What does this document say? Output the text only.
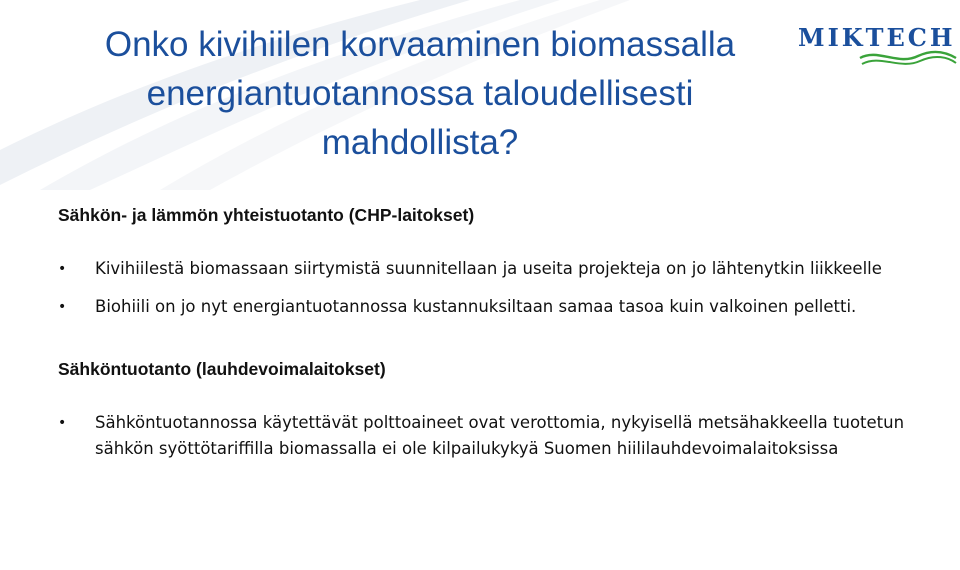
Onko kivihiilen korvaaminen biomassalla
energiantuotannossa taloudellisesti
mahdollista?
MIKTECH
Sähkön- ja lämmön yhteistuotanto (CHP-laitokset)
• Kivihiilestä biomassaan siirtymistä suunnitellaan ja useita projekteja on jo lähtenytkin liikkeelle
• Biohiili on jo nyt energiantuotannossa kustannuksiltaan samaa tasoa kuin valkoinen pelletti.
Sähköntuotanto (lauhdevoimalaitokset)
• Sähköntuotannossa käytettävät polttoaineet ovat verottomia, nykyisellä metsähakkeella tuotetun sähkön syöttötariffilla biomassalla ei ole kilpailukykyä Suomen hiililauhdevoimalaitoksissa
